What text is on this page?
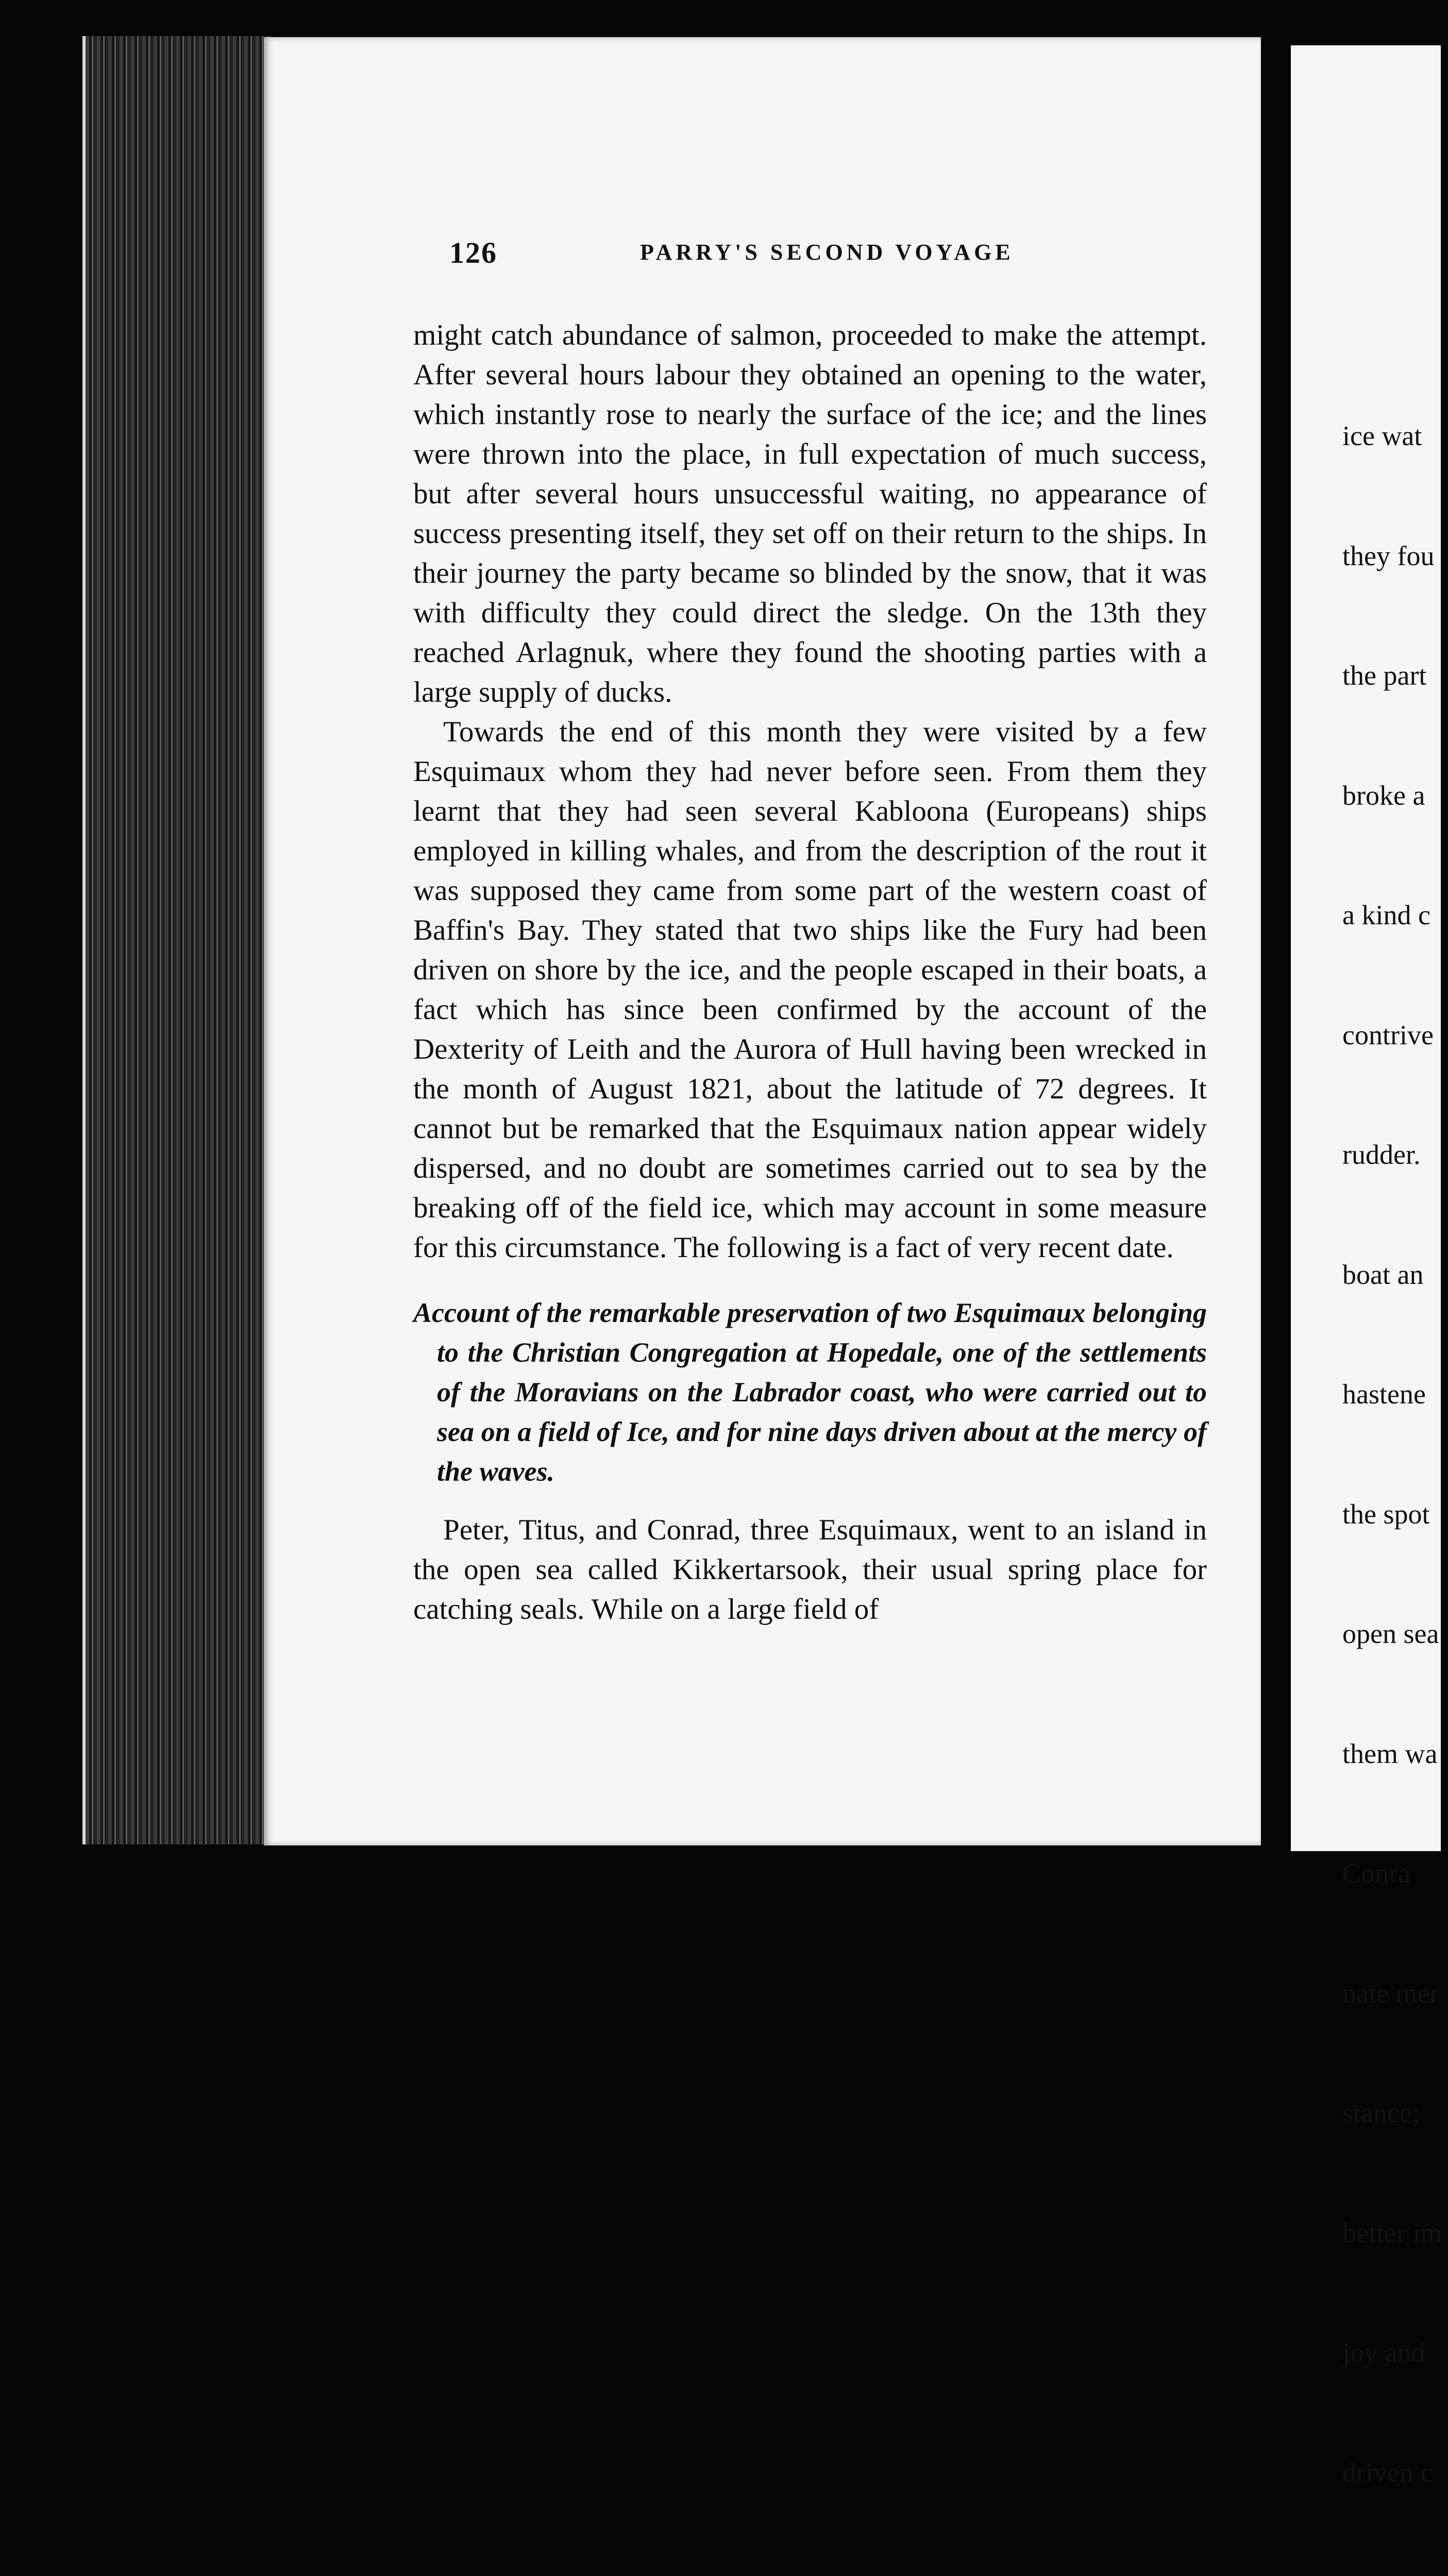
126	PARRY'S SECOND VOYAGE

might catch abundance of salmon, proceeded to make the attempt. After several hours labour they obtained an opening to the water, which instantly rose to nearly the surface of the ice; and the lines were thrown into the place, in full expectation of much success, but after several hours unsuccessful waiting, no appearance of success presenting itself, they set off on their return to the ships. In their journey the party became so blinded by the snow, that it was with difficulty they could direct the sledge. On the 13th they reached Arlagnuk, where they found the shooting parties with a large supply of ducks.

Towards the end of this month they were visited by a few Esquimaux whom they had never before seen. From them they learnt that they had seen several Kabloona (Europeans) ships employed in killing whales, and from the description of the rout it was supposed they came from some part of the western coast of Baffin's Bay. They stated that two ships like the Fury had been driven on shore by the ice, and the people escaped in their boats, a fact which has since been confirmed by the account of the Dexterity of Leith and the Aurora of Hull having been wrecked in the month of August 1821, about the latitude of 72 degrees. It cannot but be remarked that the Esquimaux nation appear widely dispersed, and no doubt are sometimes carried out to sea by the breaking off of the field ice, which may account in some measure for this circumstance. The following is a fact of very recent date.

Account of the remarkable preservation of two Esquimaux belonging to the Christian Congregation at Hopedale, one of the settlements of the Moravians on the Labrador coast, who were carried out to sea on a field of Ice, and for nine days driven about at the mercy of the waves.

Peter, Titus, and Conrad, three Esquimaux, went to an island in the open sea called Kikkertarsook, their usual spring place for catching seals. While on a large field of

ice wat

they fou

the part

broke a

a kind c

contrive

rudder.

boat an

hastene

the spot

open sea

them wa

Conra

nate mer

stance;

better im

joy and

driven c
